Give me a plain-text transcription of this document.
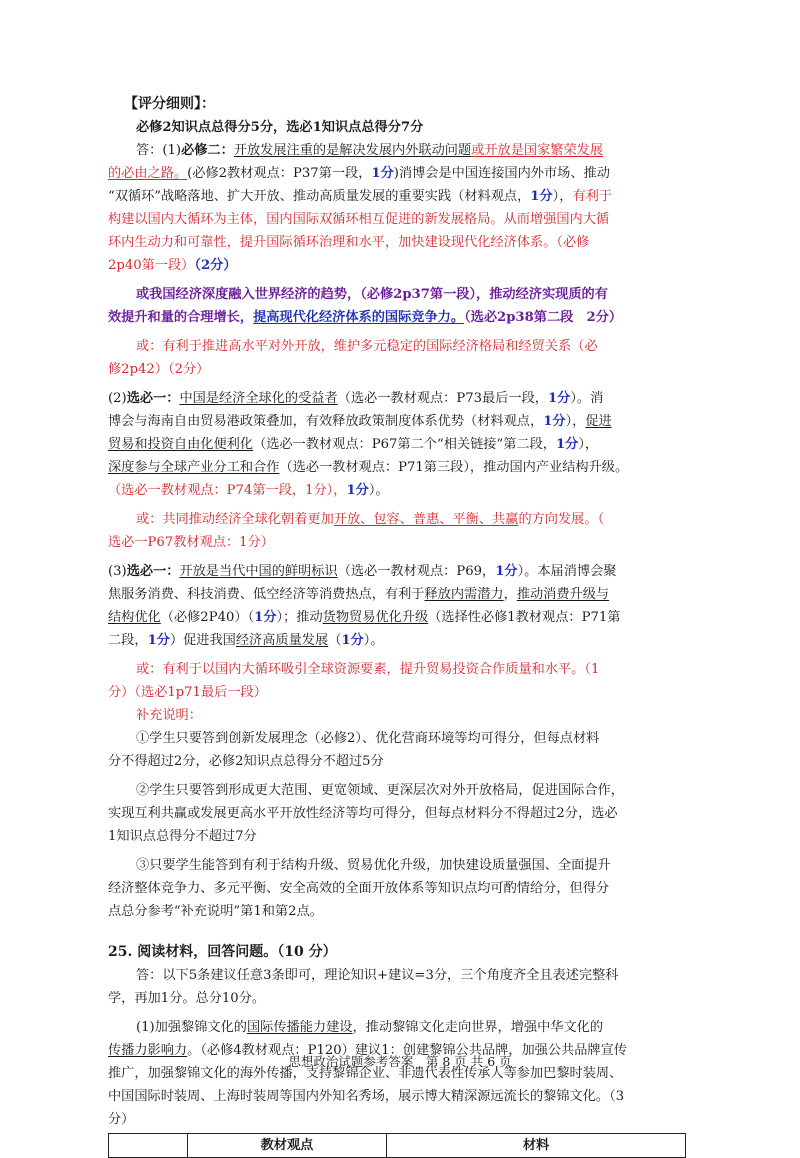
【评分细则】：
必修2知识点总得分5分，选必1知识点总得分7分
答：(1)必修二：开放发展注重的是解决发展内外联动问题或开放是国家繁荣发展
的必由之路。(必修2教材观点：P37第一段，1分)消博会是中国连接国内外市场、推动
“双循环”战略落地、扩大开放、推动高质量发展的重要实践（材料观点，1分），有利于
构建以国内大循环为主体，国内国际双循环相互促进的新发展格局。从而增强国内大循
环内生动力和可靠性，提升国际循环治理和水平，加快建设现代化经济体系。（必修
2p40第一段）（2分）
或我国经济深度融入世界经济的趋势，（必修2p37第一段），推动经济实现质的有
效提升和量的合理增长，提高现代化经济体系的国际竞争力。（选必2p38第二段　2分）
或：有利于推进高水平对外开放，维护多元稳定的国际经济格局和经贸关系（必
修2p42）（2分）
(2)选必一：中国是经济全球化的受益者（选必一教材观点：P73最后一段，1分）。消
博会与海南自由贸易港政策叠加，有效释放政策制度体系优势（材料观点，1分），促进
贸易和投资自由化便利化（选必一教材观点：P67第二个“相关链接”第二段，1分），
深度参与全球产业分工和合作（选必一教材观点：P71第三段），推动国内产业结构升级。
（选必一教材观点：P74第一段，1分），1分）。
或：共同推动经济全球化朝着更加开放、包容、普惠、平衡、共赢的方向发展。（
选必一P67教材观点：1分）
(3)选必一：开放是当代中国的鲜明标识（选必一教材观点：P69，1分）。本届消博会聚
焦服务消费、科技消费、低空经济等消费热点，有利于释放内需潜力，推动消费升级与
结构优化（必修2P40）（1分）；推动货物贸易优化升级（选择性必修1教材观点：P71第
二段，1分）促进我国经济高质量发展（1分）。
或：有利于以国内大循环吸引全球资源要素，提升贸易投资合作质量和水平。（1
分）（选必1p71最后一段）
补充说明：
①学生只要答到创新发展理念（必修2）、优化营商环境等均可得分，但每点材料
分不得超过2分，必修2知识点总得分不超过5分
②学生只要答到形成更大范围、更宽领域、更深层次对外开放格局，促进国际合作，
实现互利共赢或发展更高水平开放性经济等均可得分，但每点材料分不得超过2分，选必
1知识点总得分不超过7分
③只要学生能答到有利于结构升级、贸易优化升级，加快建设质量强国、全面提升
经济整体竞争力、多元平衡、安全高效的全面开放体系等知识点均可酌情给分，但得分
点总分参考“补充说明”第1和第2点。
25. 阅读材料，回答问题。（10 分）
答：以下5条建议任意3条即可，理论知识+建议=3分，三个角度齐全且表述完整科
学，再加1分。总分10分。
(1)加强黎锦文化的国际传播能力建设，推动黎锦文化走向世界，增强中华文化的
传播力影响力。（必修4教材观点：P120）建议1：创建黎锦公共品牌，加强公共品牌宣传
推广，加强黎锦文化的海外传播，支持黎锦企业、非遗代表性传承人等参加巴黎时装周、
中国国际时装周、上海时装周等国内外知名秀场，展示博大精深源远流长的黎锦文化。（3
分）
	教材观点	材料
思想政治试题参考答案　第 8 页 共 6 页
